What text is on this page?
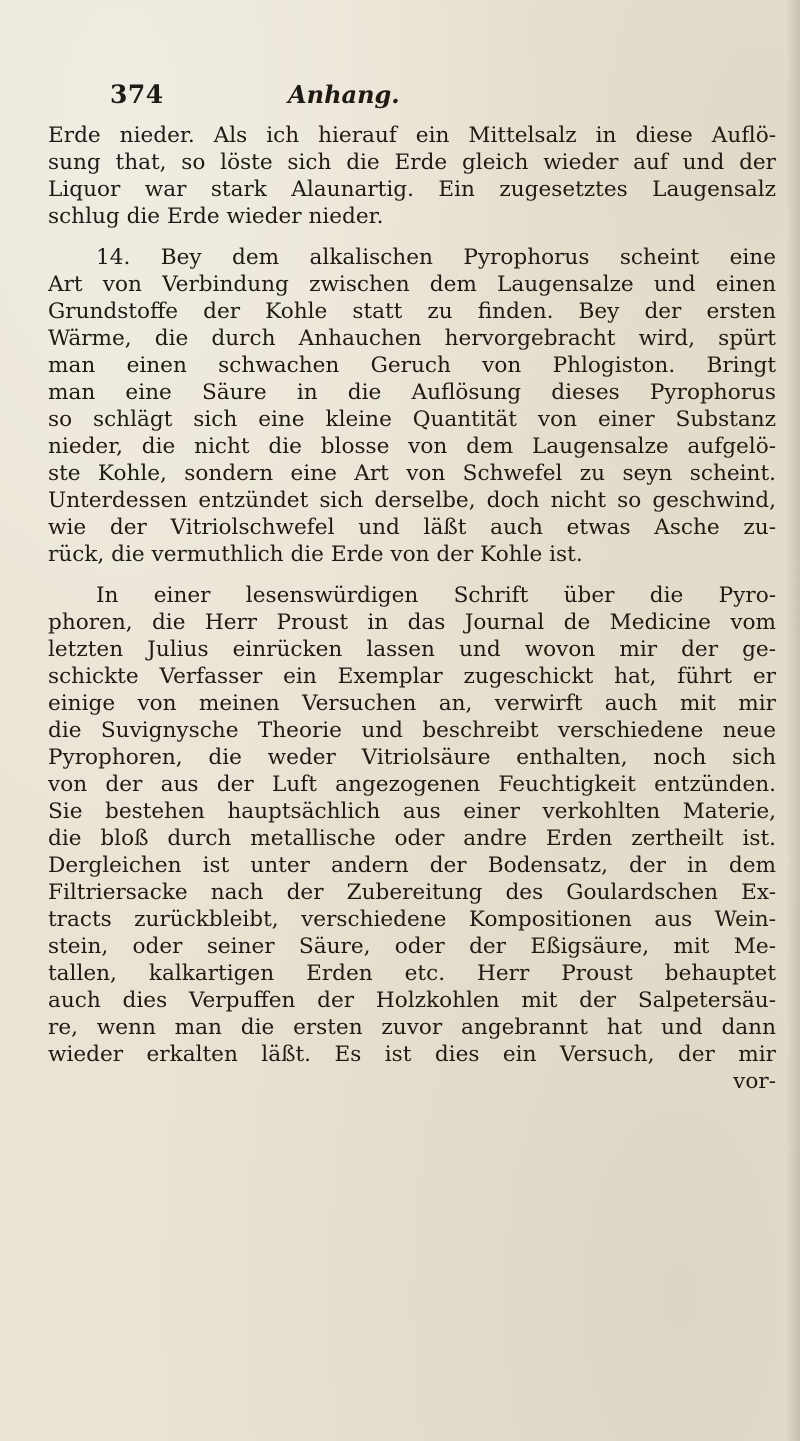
374	Anhang.
Erde nieder. Als ich hierauf ein Mittelsalz in diese Auflö-
sung that, so löste sich die Erde gleich wieder auf und der
Liquor war stark Alaunartig. Ein zugesetztes Laugensalz
schlug die Erde wieder nieder.
14. Bey dem alkalischen Pyrophorus scheint eine
Art von Verbindung zwischen dem Laugensalze und einen
Grundstoffe der Kohle statt zu finden. Bey der ersten
Wärme, die durch Anhauchen hervorgebracht wird, spürt
man einen schwachen Geruch von Phlogiston. Bringt
man eine Säure in die Auflösung dieses Pyrophorus
so schlägt sich eine kleine Quantität von einer Substanz
nieder, die nicht die blosse von dem Laugensalze aufgelö-
ste Kohle, sondern eine Art von Schwefel zu seyn scheint.
Unterdessen entzündet sich derselbe, doch nicht so geschwind,
wie der Vitriolschwefel und läßt auch etwas Asche zu-
rück, die vermuthlich die Erde von der Kohle ist.
In einer lesenswürdigen Schrift über die Pyro-
phoren, die Herr Proust in das Journal de Medicine vom
letzten Julius einrücken lassen und wovon mir der ge-
schickte Verfasser ein Exemplar zugeschickt hat, führt er
einige von meinen Versuchen an, verwirft auch mit mir
die Suvignysche Theorie und beschreibt verschiedene neue
Pyrophoren, die weder Vitriolsäure enthalten, noch sich
von der aus der Luft angezogenen Feuchtigkeit entzünden.
Sie bestehen hauptsächlich aus einer verkohlten Materie,
die bloß durch metallische oder andre Erden zertheilt ist.
Dergleichen ist unter andern der Bodensatz, der in dem
Filtriersacke nach der Zubereitung des Goulardschen Ex-
tracts zurückbleibt, verschiedene Kompositionen aus Wein-
stein, oder seiner Säure, oder der Eßigsäure, mit Me-
tallen, kalkartigen Erden etc. Herr Proust behauptet
auch dies Verpuffen der Holzkohlen mit der Salpetersäu-
re, wenn man die ersten zuvor angebrannt hat und dann
wieder erkalten läßt. Es ist dies ein Versuch, der mir
vor-
